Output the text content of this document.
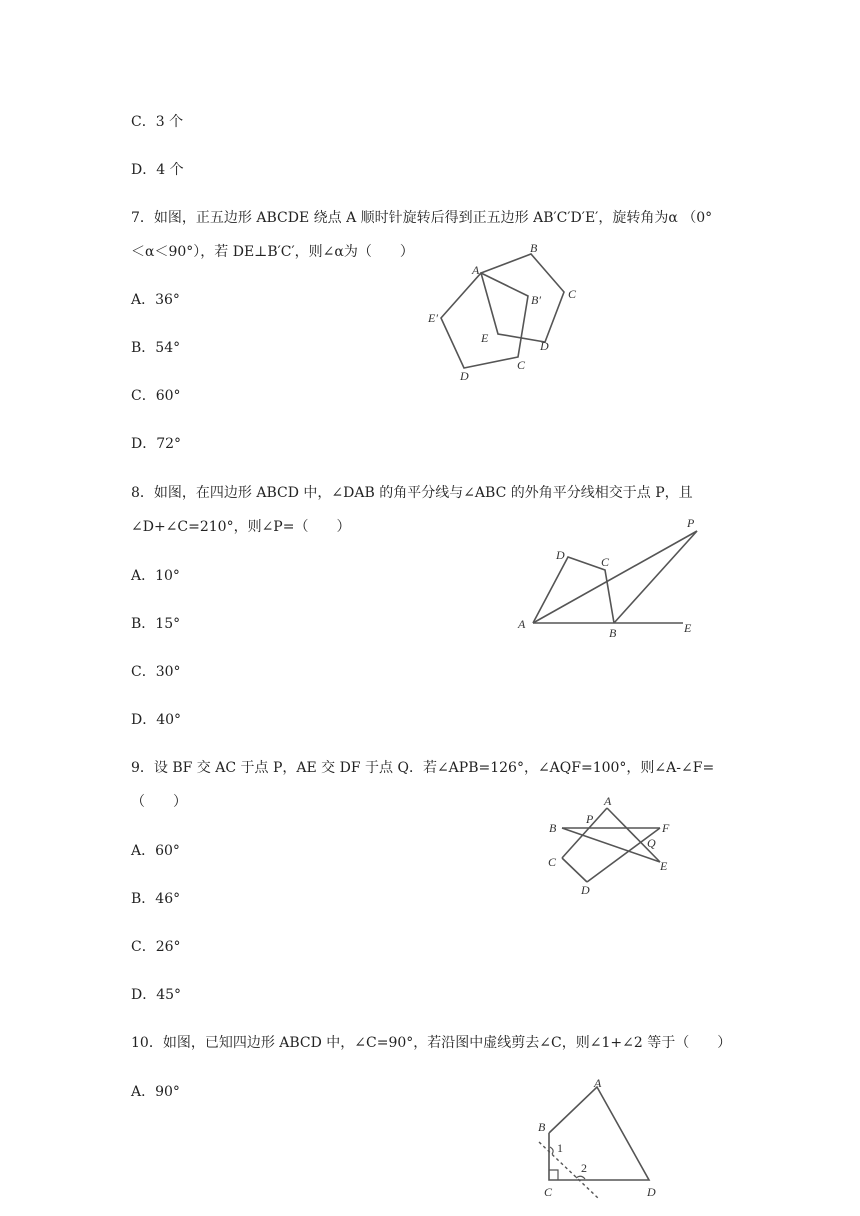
C．3 个
D．4 个
7．如图，正五边形 ABCDE 绕点 A 顺时针旋转后得到正五边形 AB′C′D′E′，旋转角为α （0°
＜α＜90°），若 DE⊥B′C′，则∠α为（　　）
A．36°
B．54°
C．60°
D．72°
A
B
C
D
E
B′
E′
D
C
8．如图，在四边形 ABCD 中，∠DAB 的角平分线与∠ABC 的外角平分线相交于点 P，且
∠D+∠C=210°，则∠P=（　　）
A．10°
B．15°
C．30°
D．40°
A
B
C
D
E
P
9．设 BF 交 AC 于点 P，AE 交 DF 于点 Q．若∠APB=126°，∠AQF=100°，则∠A-∠F=
（　　）
A．60°
B．46°
C．26°
D．45°
A
B
C
D
E
F
P
Q
10．如图，已知四边形 ABCD 中，∠C=90°，若沿图中虚线剪去∠C，则∠1+∠2 等于（　　）
A．90°
A
B
C	D
1
2
